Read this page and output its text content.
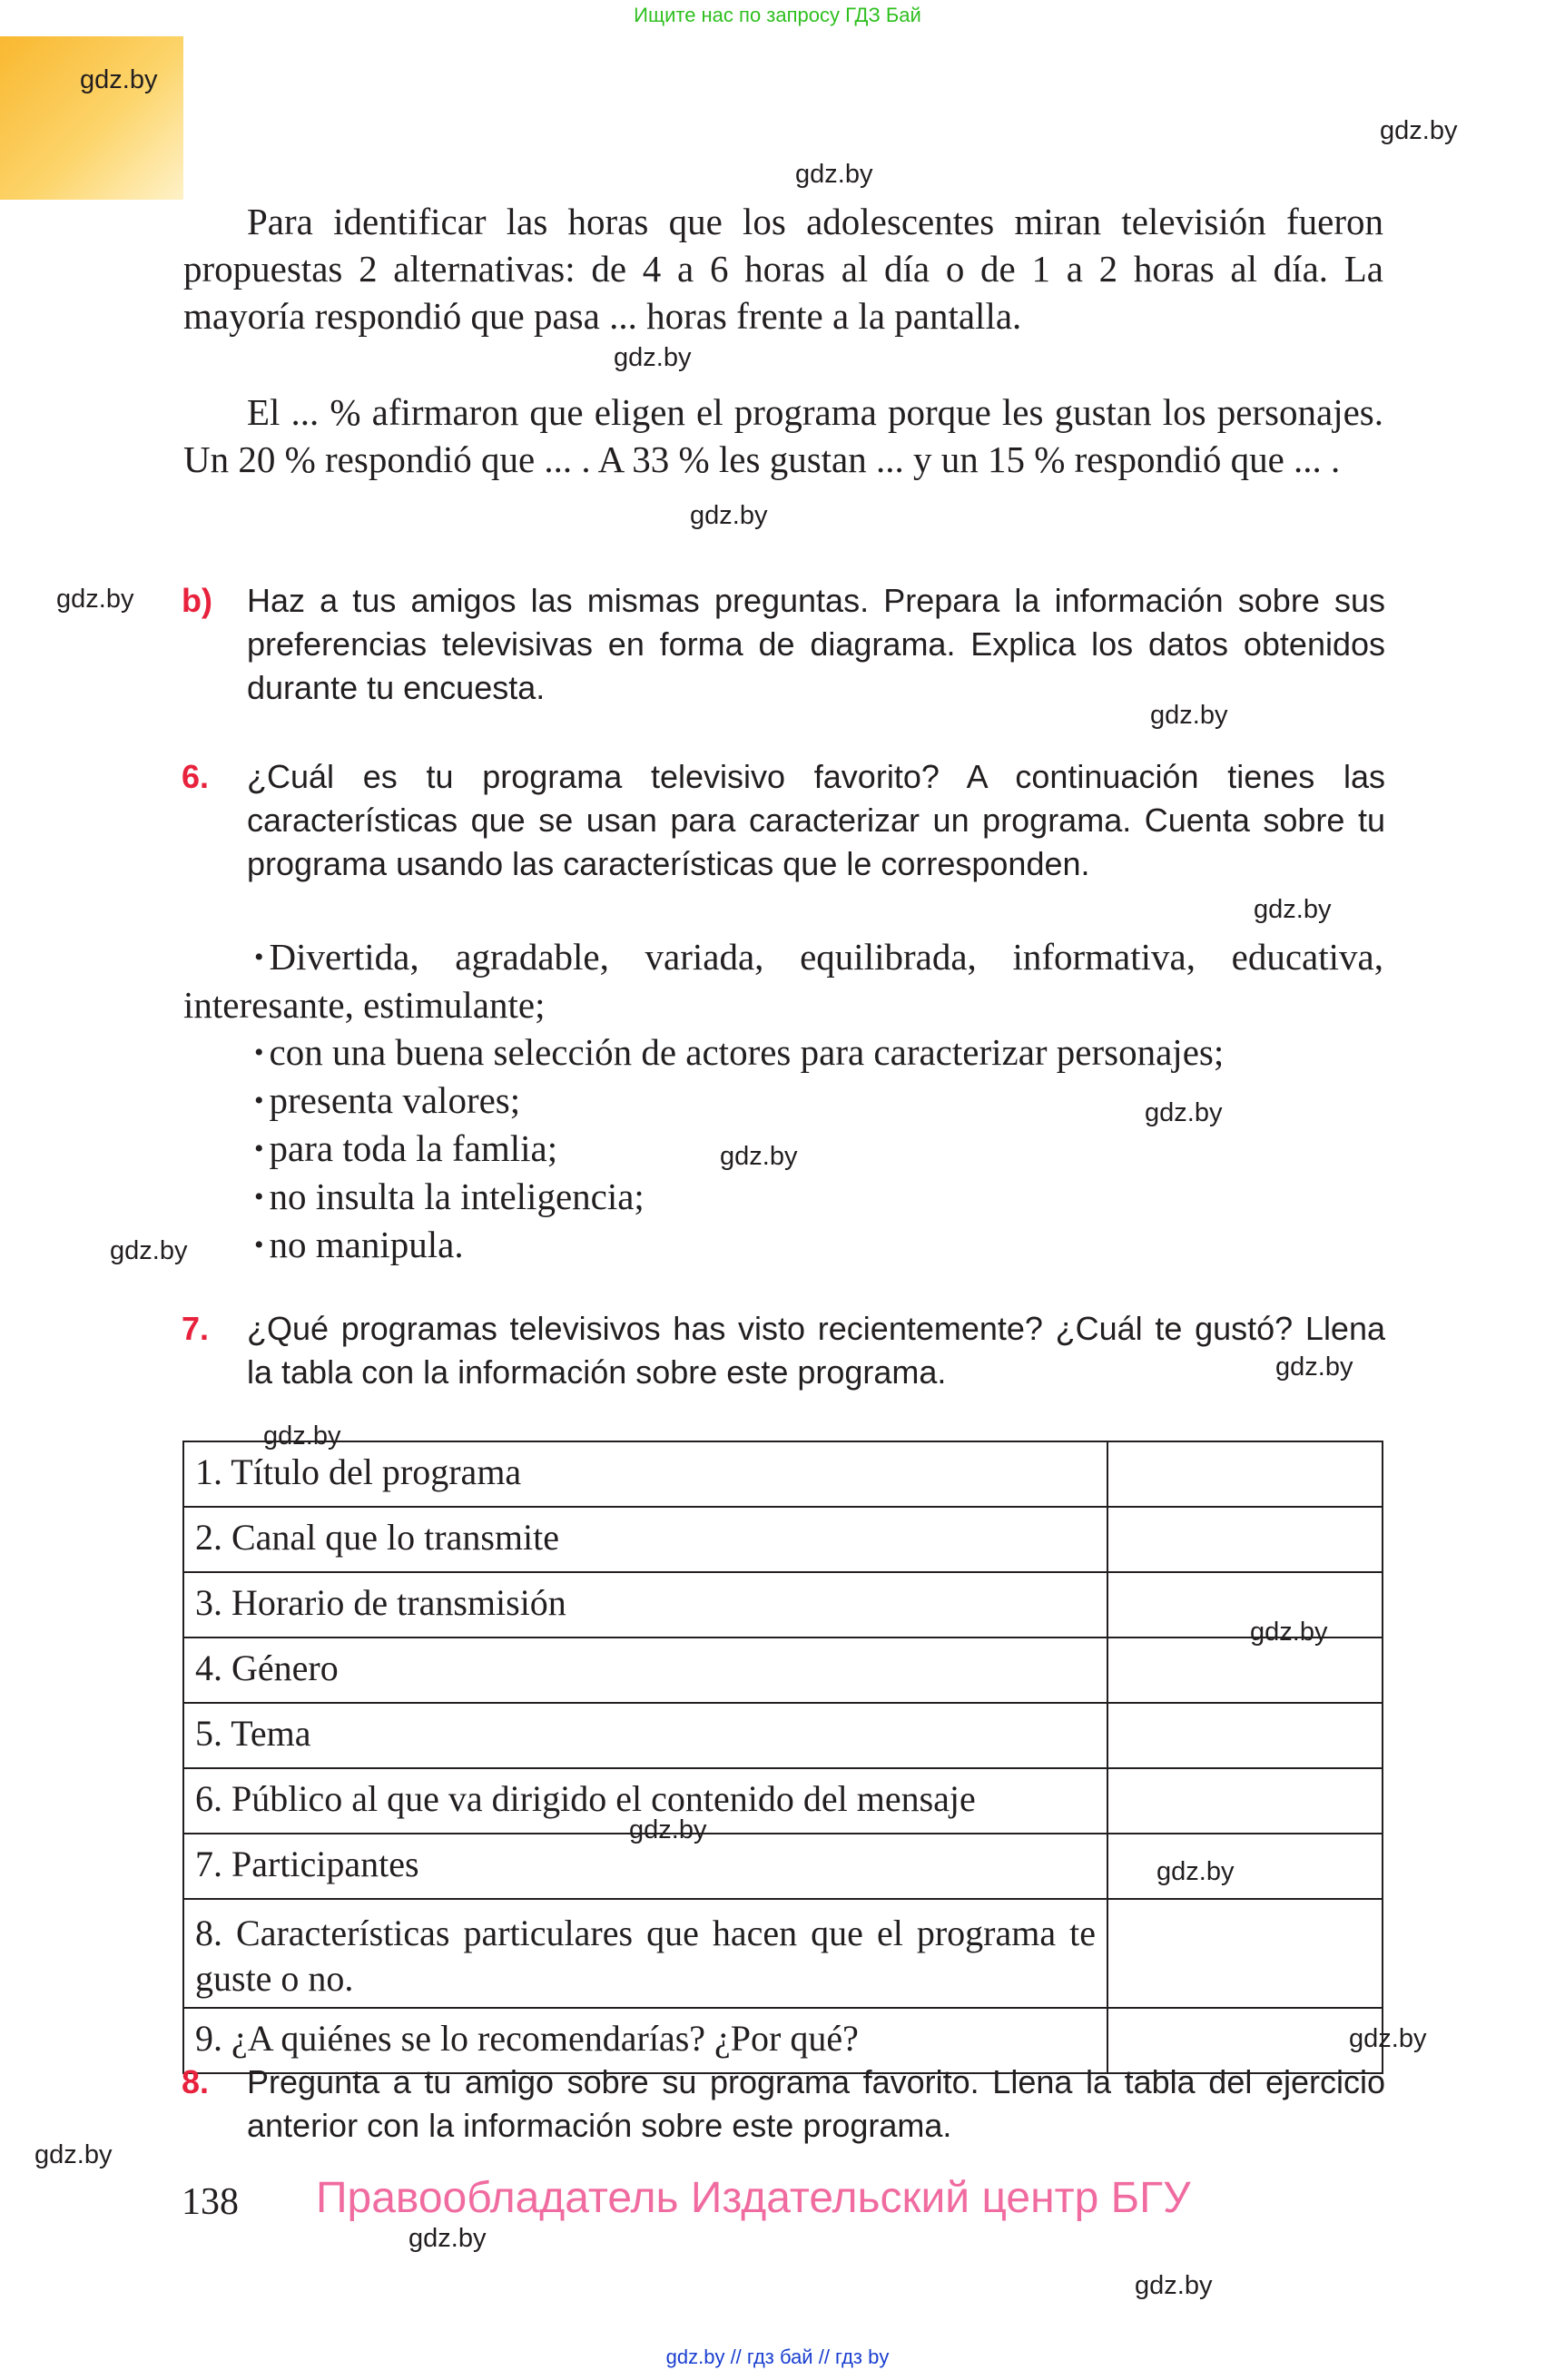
Ищите нас по запросу ГДЗ Бай
gdz.by
gdz.by
gdz.by
gdz.by
gdz.by
gdz.by
gdz.by
gdz.by
gdz.by
gdz.by
gdz.by
gdz.by
gdz.by
gdz.by
gdz.by
gdz.by
gdz.by
gdz.by
gdz.by
gdz.by

Para identificar las horas que los adolescentes miran televisión fueron propuestas 2 alternativas: de 4 a 6 horas al día o de 1 a 2 horas al día. La mayoría respondió que pasa ... horas frente a la pantalla.

El ... % afirmaron que eligen el programa porque les gustan los personajes. Un 20 % respondió que ... . A 33 % les gustan ... y un 15 % respondió que ... .

b) Haz a tus amigos las mismas preguntas. Prepara la información sobre sus preferencias televisivas en forma de diagrama. Explica los datos obtenidos durante tu encuesta.
6. ¿Cuál es tu programa televisivo favorito? A continuación tienes las características que se usan para caracterizar un programa. Cuenta sobre tu programa usando las características que le corresponden.
• Divertida, agradable, variada, equilibrada, informativa, educativa, interesante, estimulante;
• con una buena selección de actores para caracterizar personajes;
• presenta valores;
• para toda la famlia;
• no insulta la inteligencia;
• no manipula.
7. ¿Qué programas televisivos has visto recientemente? ¿Cuál te gustó? Llena la tabla con la información sobre este programa.
1. Título del programa	
2. Canal que lo transmite	
3. Horario de transmisión	
4. Género	
5. Tema	
6. Público al que va dirigido el contenido del mensaje	
7. Participantes	
8. Características particulares que hacen que el programa te guste o no.	
9. ¿A quiénes se lo recomendarías? ¿Por qué?	
8. Pregunta a tu amigo sobre su programa favorito. Llena la tabla del ejercicio anterior con la información sobre este programa.
138 Правообладатель Издательский центр БГУ
gdz.by // гдз бай // гдз by
